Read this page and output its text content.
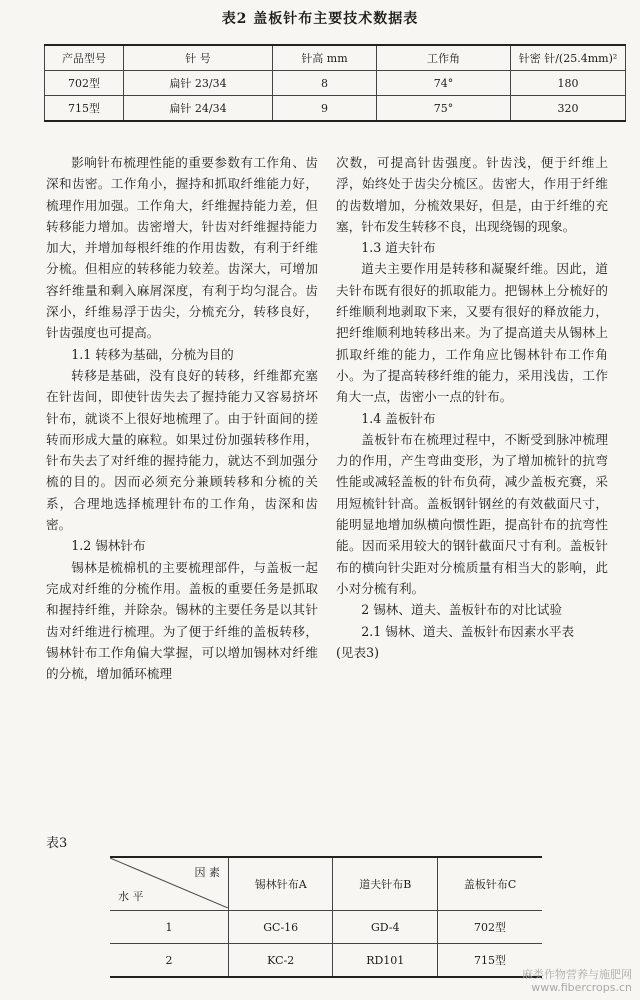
表2 盖板针布主要技术数据表
产品型号	针 号	针高 mm	工作角	针密 针/(25.4mm)²
702型	扁针 23/34	8	74°	180
715型	扁针 24/34	9	75°	320

影响针布梳理性能的重要参数有工作角、齿深和齿密。工作角小，握持和抓取纤维能力好，梳理作用加强。工作角大，纤维握持能力差，但转移能力增加。齿密增大，针齿对纤维握持能力加大，并增加每根纤维的作用齿数，有利于纤维分梳。但相应的转移能力较差。齿深大，可增加容纤维量和剩入麻屑深度，有利于均匀混合。齿深小，纤维易浮于齿尖，分梳充分，转移良好，针齿强度也可提高。

1.1 转移为基础，分梳为目的

转移是基础，没有良好的转移，纤维都充塞在针齿间，即使针齿失去了握持能力又容易挤坏针布，就谈不上很好地梳理了。由于针面间的搓转而形成大量的麻粒。如果过份加强转移作用，针布失去了对纤维的握持能力，就达不到加强分梳的目的。因而必须充分兼顾转移和分梳的关系，合理地选择梳理针布的工作角，齿深和齿密。

1.2 锡林针布

锡林是梳棉机的主要梳理部件，与盖板一起完成对纤维的分梳作用。盖板的重要任务是抓取和握持纤维，并除杂。锡林的主要任务是以其针齿对纤维进行梳理。为了便于纤维的盖板转移，锡林针布工作角偏大掌握，可以增加锡林对纤维的分梳，增加循环梳理

次数，可提高针齿强度。针齿浅，便于纤维上浮，始终处于齿尖分梳区。齿密大，作用于纤维的齿数增加，分梳效果好，但是，由于纤维的充塞，针布发生转移不良，出现绕锡的现象。

1.3 道夫针布

道夫主要作用是转移和凝聚纤维。因此，道夫针布既有很好的抓取能力。把锡林上分梳好的纤维顺利地剥取下来，又要有很好的释放能力，把纤维顺利地转移出来。为了提高道夫从锡林上抓取纤维的能力，工作角应比锡林针布工作角小。为了提高转移纤维的能力，采用浅齿，工作角大一点，齿密小一点的针布。

1.4 盖板针布

盖板针布在梳理过程中，不断受到脉冲梳理力的作用，产生弯曲变形，为了增加梳针的抗弯性能或减轻盖板的针布负荷，减少盖板充赛，采用短梳针针高。盖板钢针钢丝的有效截面尺寸，能明显地增加纵横向惯性距，提高针布的抗弯性能。因而采用较大的钢针截面尺寸有利。盖板针布的横向针尖距对分梳质量有相当大的影响，此小对分梳有利。

2 锡林、道夫、盖板针布的对比试验
2.1 锡林、道夫、盖板针布因素水平表

(见表3)

表3
因 素
水 平	锡林针布A	道夫针布B	盖板针布C
1	GC-16	GD-4	702型
2	KC-2	RD101	715型
麻类作物营养与施肥网
www.fibercrops.cn
